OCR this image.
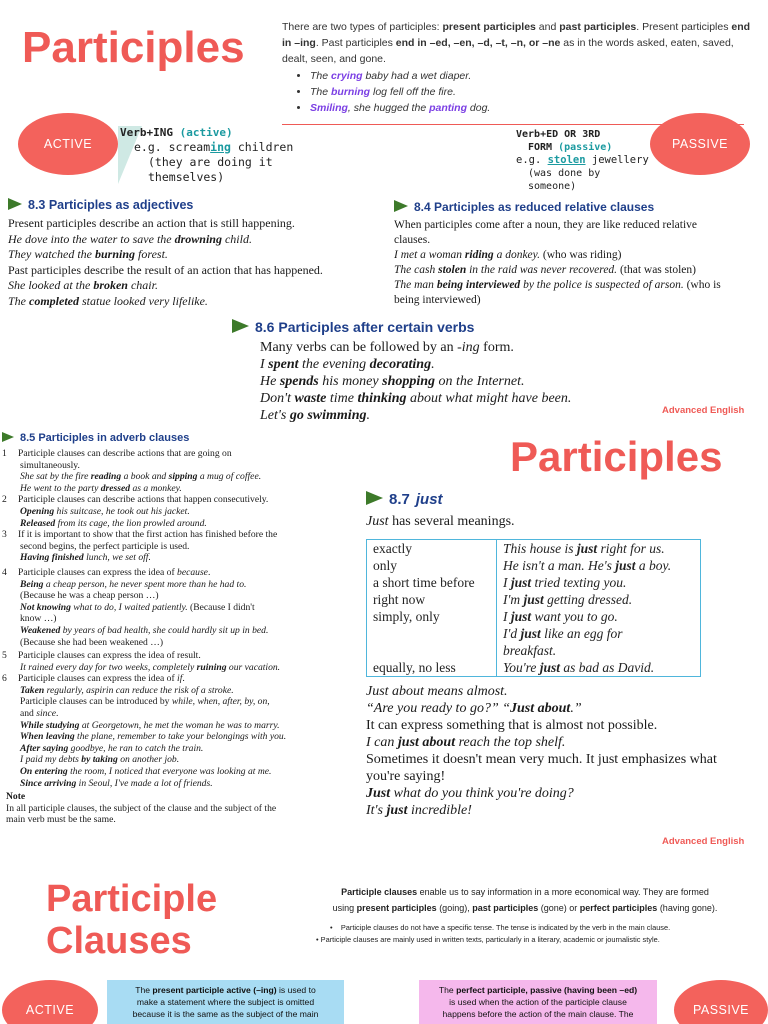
Participles	There are two types of participles: present participles and past participles. Present participles end in –ing. Past participles end in –ed, –en, –d, –t, –n, or –ne as in the words asked, eaten, saved, dealt, seen, and gone.
• The crying baby had a wet diaper.
• The burning log fell off the fire.
• Smiling, she hugged the panting dog.
ACTIVE	PASSIVE
Verb+ING (active)
e.g. screaming children
(they are doing it
themselves)
Verb+ED OR 3RD
FORM (passive)
e.g. stolen jewellery
(was done by
someone)
8.3 Participles as adjectives
Present participles describe an action that is still happening.
He dove into the water to save the drowning child.
They watched the burning forest.
Past participles describe the result of an action that has happened.
She looked at the broken chair.
The completed statue looked very lifelike.
8.4 Participles as reduced relative clauses
When participles come after a noun, they are like reduced relative
clauses.
I met a woman riding a donkey. (who was riding)
The cash stolen in the raid was never recovered. (that was stolen)
The man being interviewed by the police is suspected of arson. (who is
being interviewed)
8.6 Participles after certain verbs
Many verbs can be followed by an -ing form.
I spent the evening decorating.
He spends his money shopping on the Internet.
Don't waste time thinking about what might have been.
Let's go swimming.	Advanced English
8.5 Participles in adverb clauses
1 Participle clauses can describe actions that are going on
simultaneously.
She sat by the fire reading a book and sipping a mug of coffee.
He went to the party dressed as a monkey.
2 Participle clauses can describe actions that happen consecutively.
Opening his suitcase, he took out his jacket.
Released from its cage, the lion prowled around.
3 If it is important to show that the first action has finished before the
second begins, the perfect participle is used.
Having finished lunch, we set off.
4 Participle clauses can express the idea of because.
Being a cheap person, he never spent more than he had to.
(Because he was a cheap person …)
Not knowing what to do, I waited patiently. (Because I didn't
know …)
Weakened by years of bad health, she could hardly sit up in bed.
(Because she had been weakened …)
5 Participle clauses can express the idea of result.
It rained every day for two weeks, completely ruining our vacation.
6 Participle clauses can express the idea of if.
Taken regularly, aspirin can reduce the risk of a stroke.
Participle clauses can be introduced by while, when, after, by, on,
and since.
While studying at Georgetown, he met the woman he was to marry.
When leaving the plane, remember to take your belongings with you.
After saying goodbye, he ran to catch the train.
I paid my debts by taking on another job.
On entering the room, I noticed that everyone was looking at me.
Since arriving in Seoul, I've made a lot of friends.
Note
In all participle clauses, the subject of the clause and the subject of the
main verb must be the same.
Participles
8.7 just
Just has several meanings.
exactly	This house is just right for us.
only	He isn't a man. He's just a boy.
a short time before	I just tried texting you.
right now	I'm just getting dressed.
simply, only	I just want you to go.
	I'd just like an egg for
	breakfast.
equally, no less	You're just as bad as David.
Just about means almost.
“Are you ready to go?” “Just about.”
It can express something that is almost not possible.
I can just about reach the top shelf.
Sometimes it doesn't mean very much. It just emphasizes what
you're saying!
Just what do you think you're doing?
It's just incredible!
Advanced English
Participle
Clauses
Participle clauses enable us to say information in a more economical way. They are formed
using present participles (going), past participles (gone) or perfect participles (having gone).
•    Participle clauses do not have a specific tense. The tense is indicated by the verb in the main clause.
• Participle clauses are mainly used in written texts, particularly in a literary, academic or journalistic style.
ACTIVE	PASSIVE
The present participle active (–ing) is used to
make a statement where the subject is omitted
because it is the same as the subject of the main
The perfect participle, passive (having been –ed)
is used when the action of the participle clause
happens before the action of the main clause. The
